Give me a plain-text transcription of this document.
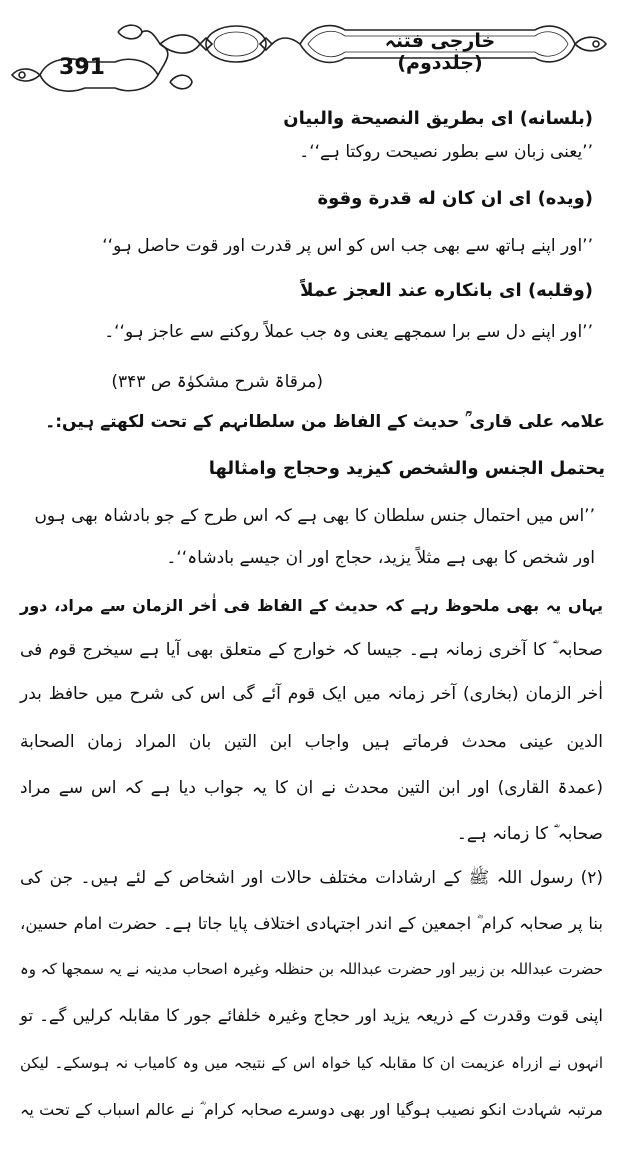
خارجی فتنہ (جلددوم)
391
(بلسانه) اى بطريق النصيحة والبيان
’’یعنی زبان سے بطور نصیحت روکتا ہے‘‘۔
(ويده) اى ان كان له قدرة وقوة
’’اور اپنے ہاتھ سے بھی جب اس کو اس پر قدرت اور قوت حاصل ہو‘‘
(وقلبه) اى بانكاره عند العجز عملاً
’’اور اپنے دل سے برا سمجھے یعنی وہ جب عملاً روکنے سے عاجز ہو‘‘۔
(مرقاۃ شرح مشکوٰۃ ص ۳۴۳)
علامہ علی قاری ؒ حدیث کے الفاظ من سلطانہم کے تحت لکھتے ہیں:۔
يحتمل الجنس والشخص كيزيد وحجاج وامثالها
’’اس میں احتمال جنس سلطان کا بھی ہے کہ اس طرح کے جو بادشاہ بھی ہوں
اور شخص کا بھی ہے مثلاً یزید، حجاج اور ان جیسے بادشاہ‘‘۔
یہاں یہ بھی ملحوظ رہے کہ حدیث کے الفاظ فی اٰخر الزمان سے مراد، دور
صحابہ ؓ کا آخری زمانہ ہے۔ جیسا کہ خوارج کے متعلق بھی آیا ہے سیخرج قوم فی
اٰخر الزمان (بخاری) آخر زمانہ میں ایک قوم آئے گی اس کی شرح میں حافظ بدر
الدین عینی محدث فرماتے ہیں واجاب ابن التین بان المراد زمان الصحابة
(عمدۃ القاری) اور ابن التین محدث نے ان کا یہ جواب دیا ہے کہ اس سے مراد
صحابہ ؓ کا زمانہ ہے۔
(۲) رسول اللہ ﷺ کے ارشادات مختلف حالات اور اشخاص کے لئے ہیں۔ جن کی
بنا پر صحابہ کرام ؓ اجمعین کے اندر اجتہادی اختلاف پایا جاتا ہے۔ حضرت امام حسین،
حضرت عبداللہ بن زبیر اور حضرت عبداللہ بن حنظلہ وغیرہ اصحاب مدینہ نے یہ سمجھا کہ وہ
اپنی قوت وقدرت کے ذریعہ یزید اور حجاج وغیرہ خلفائے جور کا مقابلہ کرلیں گے۔ تو
انہوں نے ازراہ عزیمت ان کا مقابلہ کیا خواہ اس کے نتیجہ میں وہ کامیاب نہ ہوسکے۔ لیکن
مرتبہ شہادت انکو نصیب ہوگیا اور بھی دوسرے صحابہ کرام ؓ نے عالم اسباب کے تحت یہ
